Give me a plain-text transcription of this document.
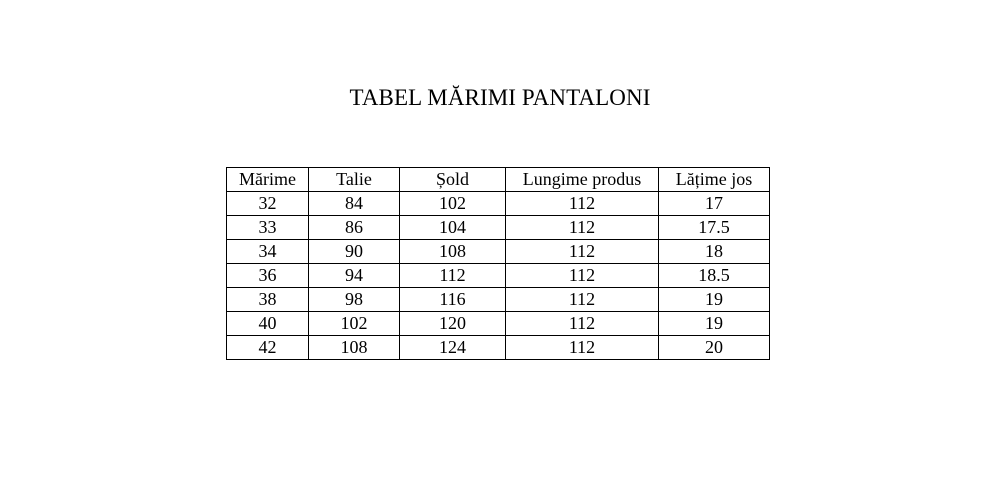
TABEL MĂRIMI PANTALONI
Mărime	Talie	Șold	Lungime produs	Lățime jos
32	84	102	112	17
33	86	104	112	17.5
34	90	108	112	18
36	94	112	112	18.5
38	98	116	112	19
40	102	120	112	19
42	108	124	112	20
